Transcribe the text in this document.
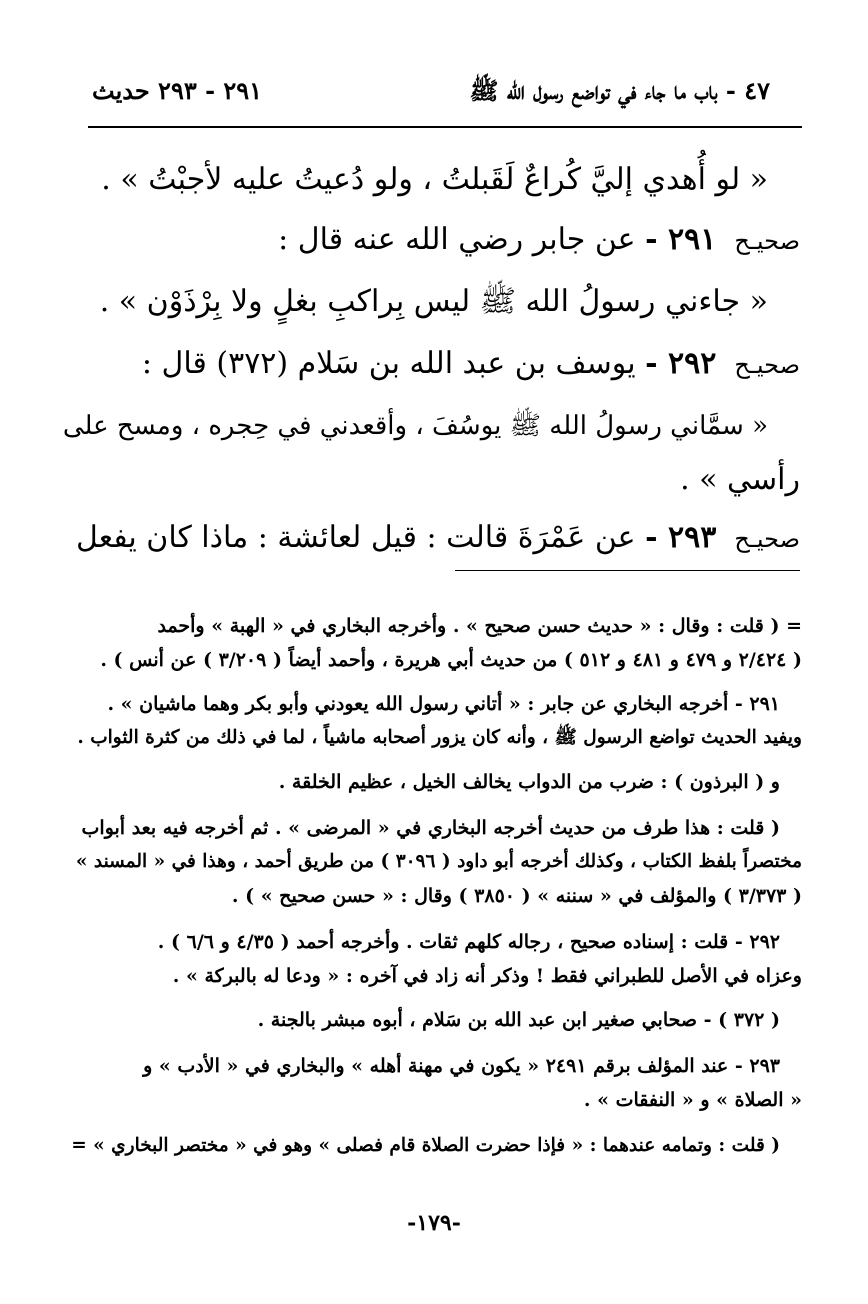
٤٧ - باب ما جاء في تواضع رسول الله ﷺ
٢٩١ - ٢٩٣ حديث
« لو أُهدي إليَّ كُراعٌ لَقَبلتُ ، ولو دُعيتُ عليه لأجبْتُ » .
صحيـح٢٩١ - عن جابر رضي الله عنه قال :
« جاءني رسولُ الله ﷺ ليس بِراكبِ بغلٍ ولا بِرْذَوْن » .
صحيـح٢٩٢ - يوسف بن عبد الله بن سَلام (٣٧٢) قال :
« سمَّاني رسولُ الله ﷺ يوسُفَ ، وأقعدني في حِجره ، ومسح على
رأسي » .
صحيـح٢٩٣ - عن عَمْرَةَ قالت : قيل لعائشة : ماذا كان يفعل
= ( قلت : وقال : « حديث حسن صحيح » . وأخرجه البخاري في « الهبة » وأحمد
( ٢/٤٢٤ و ٤٧٩ و ٤٨١ و ٥١٢ ) من حديث أبي هريرة ، وأحمد أيضاً ( ٣/٢٠٩ ) عن أنس ) .
٢٩١ - أخرجه البخاري عن جابر : « أتاني رسول الله يعودني وأبو بكر وهما ماشيان » .
ويفيد الحديث تواضع الرسول ﷺ ، وأنه كان يزور أصحابه ماشياً ، لما في ذلك من كثرة الثواب .
و ( البرذون ) : ضرب من الدواب يخالف الخيل ، عظيم الخلقة .
( قلت : هذا طرف من حديث أخرجه البخاري في « المرضى » . ثم أخرجه فيه بعد أبواب
مختصراً بلفظ الكتاب ، وكذلك أخرجه أبو داود ( ٣٠٩٦ ) من طريق أحمد ، وهذا في « المسند »
( ٣/٣٧٣ ) والمؤلف في « سننه » ( ٣٨٥٠ ) وقال : « حسن صحيح » ) .
٢٩٢ - قلت : إسناده صحيح ، رجاله كلهم ثقات . وأخرجه أحمد ( ٤/٣٥ و ٦/٦ ) .
وعزاه في الأصل للطبراني فقط ! وذكر أنه زاد في آخره : « ودعا له بالبركة » .
( ٣٧٢ ) - صحابي صغير ابن عبد الله بن سَلام ، أبوه مبشر بالجنة .
٢٩٣ - عند المؤلف برقم ٢٤٩١ « يكون في مهنة أهله » والبخاري في « الأدب » و
« الصلاة » و « النفقات » .
( قلت : وتمامه عندهما : « فإذا حضرت الصلاة قام فصلى » وهو في « مختصر البخاري » =
-١٧٩-
